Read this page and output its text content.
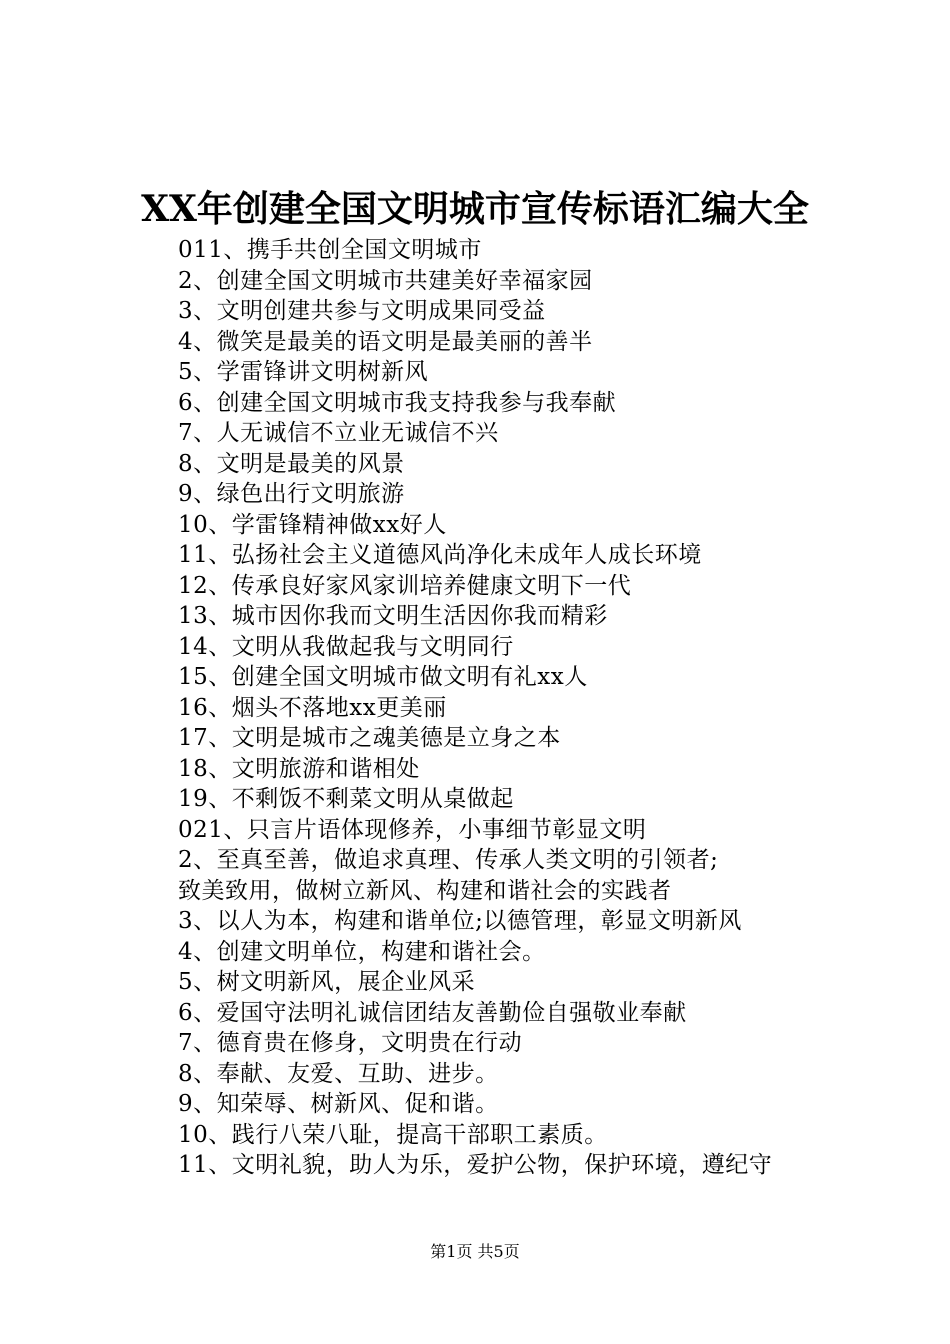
XX年创建全国文明城市宣传标语汇编大全
011、携手共创全国文明城市
2、创建全国文明城市共建美好幸福家园
3、文明创建共参与文明成果同受益
4、微笑是最美的语文明是最美丽的善半
5、学雷锋讲文明树新风
6、创建全国文明城市我支持我参与我奉献
7、人无诚信不立业无诚信不兴
8、文明是最美的风景
9、绿色出行文明旅游
10、学雷锋精神做xx好人
11、弘扬社会主义道德风尚净化未成年人成长环境
12、传承良好家风家训培养健康文明下一代
13、城市因你我而文明生活因你我而精彩
14、文明从我做起我与文明同行
15、创建全国文明城市做文明有礼xx人
16、烟头不落地xx更美丽
17、文明是城市之魂美德是立身之本
18、文明旅游和谐相处
19、不剩饭不剩菜文明从桌做起
021、只言片语体现修养，小事细节彰显文明
2、至真至善，做追求真理、传承人类文明的引领者;
致美致用，做树立新风、构建和谐社会的实践者
3、以人为本，构建和谐单位;以德管理，彰显文明新风
4、创建文明单位，构建和谐社会。
5、树文明新风，展企业风采
6、爱国守法明礼诚信团结友善勤俭自强敬业奉献
7、德育贵在修身，文明贵在行动
8、奉献、友爱、互助、进步。
9、知荣辱、树新风、促和谐。
10、践行八荣八耻，提高干部职工素质。
11、文明礼貌，助人为乐，爱护公物，保护环境，遵纪守
第1页 共5页
